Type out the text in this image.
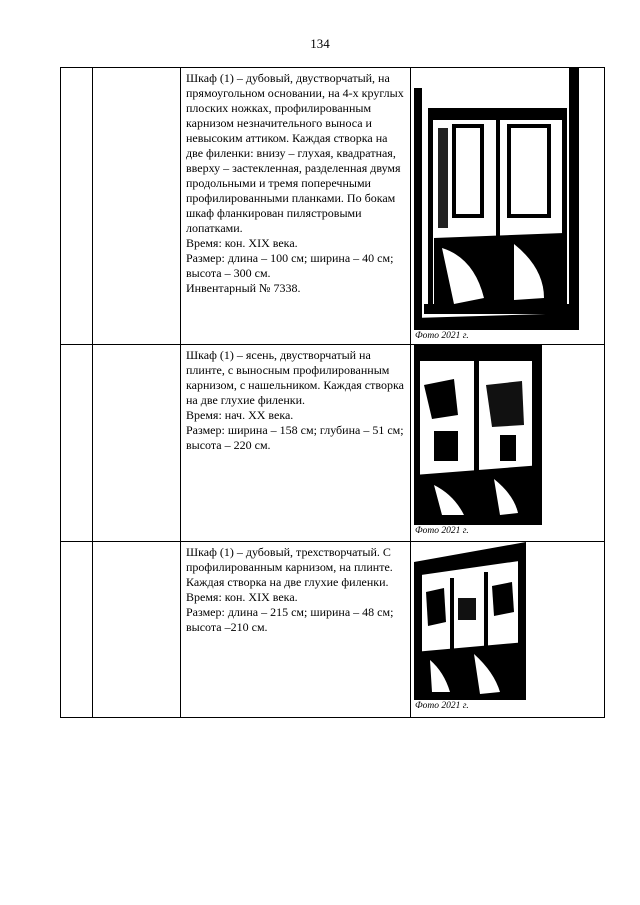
134

		Шкаф (1) – дубовый, двустворчатый, на прямоугольном основании, на 4-х круглых плоских ножках, профилированным карнизом незначительного выноса и невысоким аттиком. Каждая створка на две филенки: внизу – глухая, квадратная, вверху – застекленная, разделенная двумя продольными и тремя поперечными профилированными планками. По бокам шкаф фланкирован пилястровыми лопатками.
Время: кон. XIX века.
Размер: длина – 100 см; ширина – 40 см; высота – 300 см.
Инвентарный № 7338.	Фото 2021 г.

		Шкаф (1) – ясень, двустворчатый на плинте, с выносным профилированным карнизом, с нашельником. Каждая створка на две глухие филенки.
Время: нач. XX века.
Размер: ширина – 158 см; глубина – 51 см; высота – 220 см.	Фото 2021 г.

		Шкаф (1) – дубовый, трехстворчатый. С профилированным карнизом, на плинте. Каждая створка на две глухие филенки.
Время: кон. XIX века.
Размер: длина – 215 см; ширина – 48 см; высота –210 см.	Фото 2021 г.
